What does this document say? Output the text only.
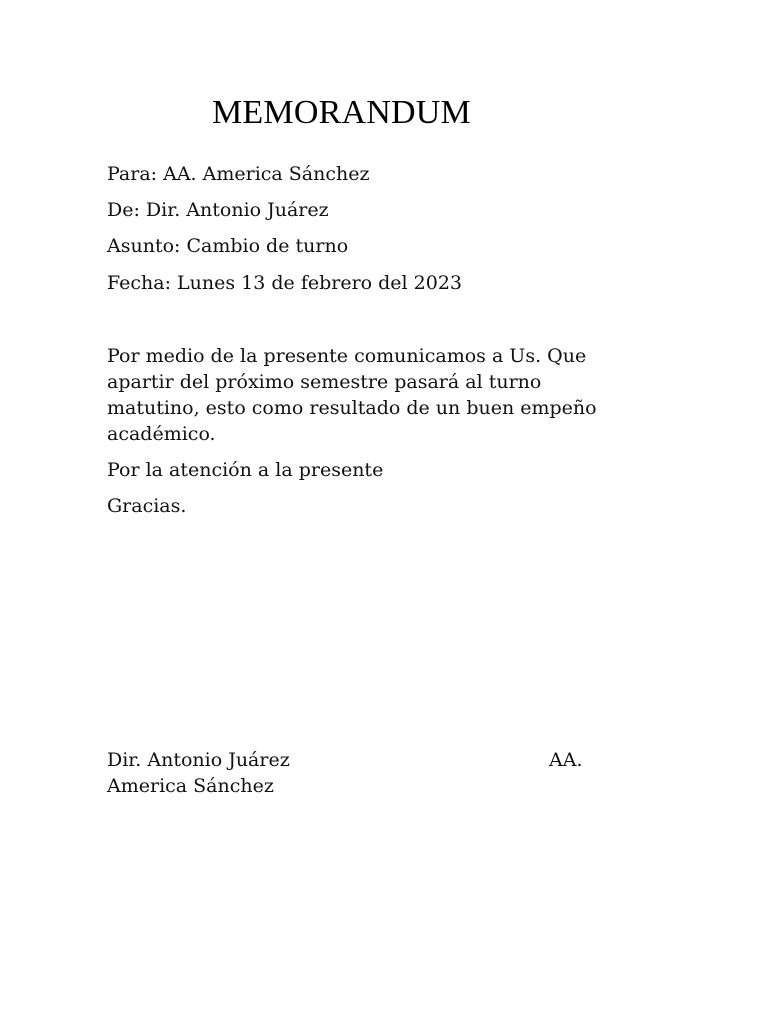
MEMORANDUM
Para: AA. America Sánchez
De: Dir. Antonio Juárez
Asunto: Cambio de turno
Fecha: Lunes 13 de febrero del 2023
Por medio de la presente comunicamos a Us. Que
apartir del próximo semestre pasará al turno
matutino, esto como resultado de un buen empeño
académico.
Por la atención a la presente
Gracias.
Dir. Antonio Juárez	AA.
America Sánchez
